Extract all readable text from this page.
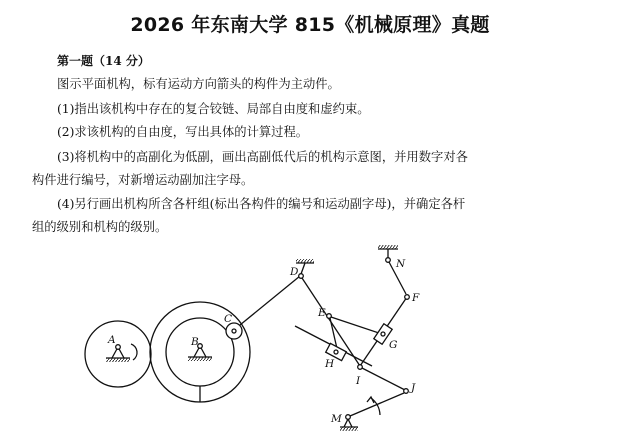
2026 年东南大学 815《机械原理》真题
第一题（14 分）
图示平面机构，标有运动方向箭头的构件为主动件。
(1)指出该机构中存在的复合铰链、局部自由度和虚约束。
(2)求该机构的自由度，写出具体的计算过程。
(3)将机构中的高副化为低副，画出高副低代后的机构示意图，并用数字对各
构件进行编号，对新增运动副加注字母。
(4)另行画出机构所含各杆组(标出各构件的编号和运动副字母)，并确定各杆
组的级别和机构的级别。
A	B
C
D
E
F
G
H
I
J
M
N
